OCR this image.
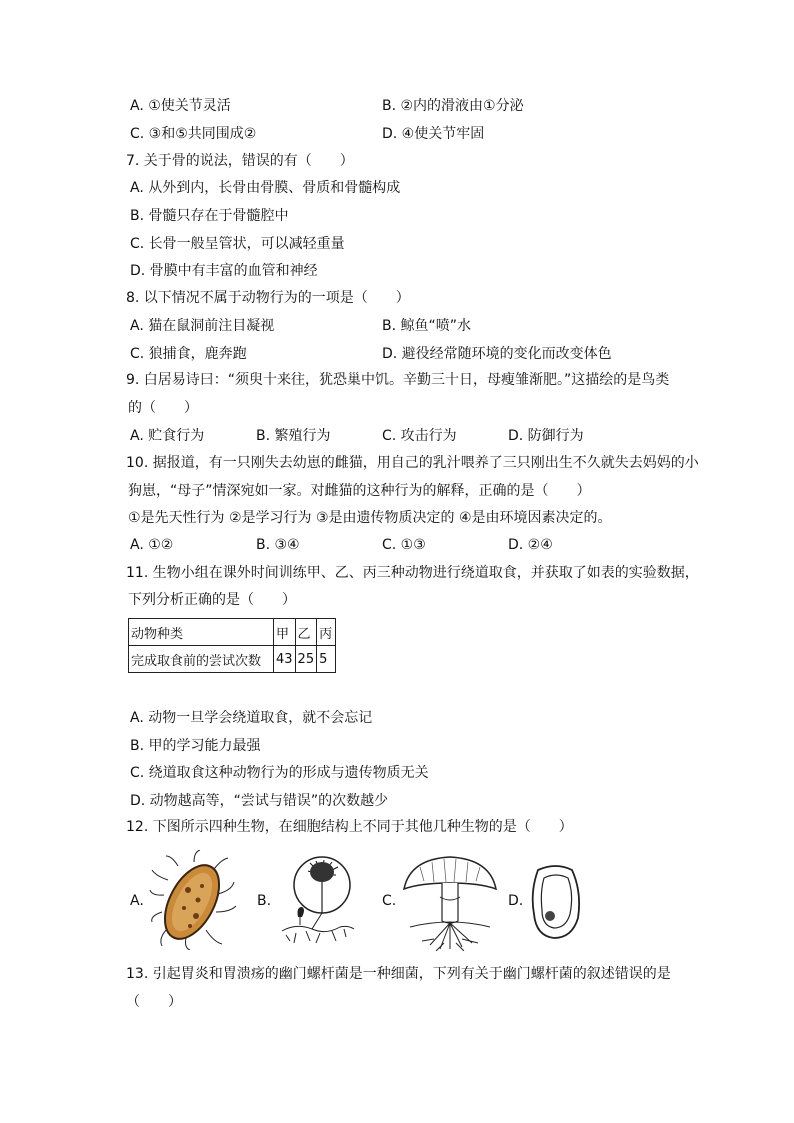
A. ①使关节灵活	B. ②内的滑液由①分泌
C. ③和⑤共同围成②	D. ④使关节牢固
7. 关于骨的说法，错误的有（　　）
A. 从外到内，长骨由骨膜、骨质和骨髓构成
B. 骨髓只存在于骨髓腔中
C. 长骨一般呈管状，可以减轻重量
D. 骨膜中有丰富的血管和神经
8. 以下情况不属于动物行为的一项是（　　）
A. 猫在鼠洞前注目凝视	B. 鲸鱼“喷”水
C. 狼捕食，鹿奔跑	D. 避役经常随环境的变化而改变体色
9. 白居易诗曰：“须臾十来往，犹恐巢中饥。辛勤三十日，母瘦雏渐肥。”这描绘的是鸟类
的（　　）
A. 贮食行为	B. 繁殖行为	C. 攻击行为	D. 防御行为
10. 据报道，有一只刚失去幼崽的雌猫，用自己的乳汁喂养了三只刚出生不久就失去妈妈的小
狗崽，“母子”情深宛如一家。对雌猫的这种行为的解释，正确的是（　　）
①是先天性行为 ②是学习行为 ③是由遗传物质决定的 ④是由环境因素决定的。
A. ①②	B. ③④	C. ①③	D. ②④
11. 生物小组在课外时间训练甲、乙、丙三种动物进行绕道取食，并获取了如表的实验数据，
下列分析正确的是（　　）
动物种类	甲	乙	丙
完成取食前的尝试次数	43	25	5
A. 动物一旦学会绕道取食，就不会忘记
B. 甲的学习能力最强
C. 绕道取食这种动物行为的形成与遗传物质无关
D. 动物越高等，“尝试与错误”的次数越少
12. 下图所示四种生物，在细胞结构上不同于其他几种生物的是（　　）
A.	B.	C.	D.
13. 引起胃炎和胃溃疡的幽门螺杆菌是一种细菌，下列有关于幽门螺杆菌的叙述错误的是
（　　）
